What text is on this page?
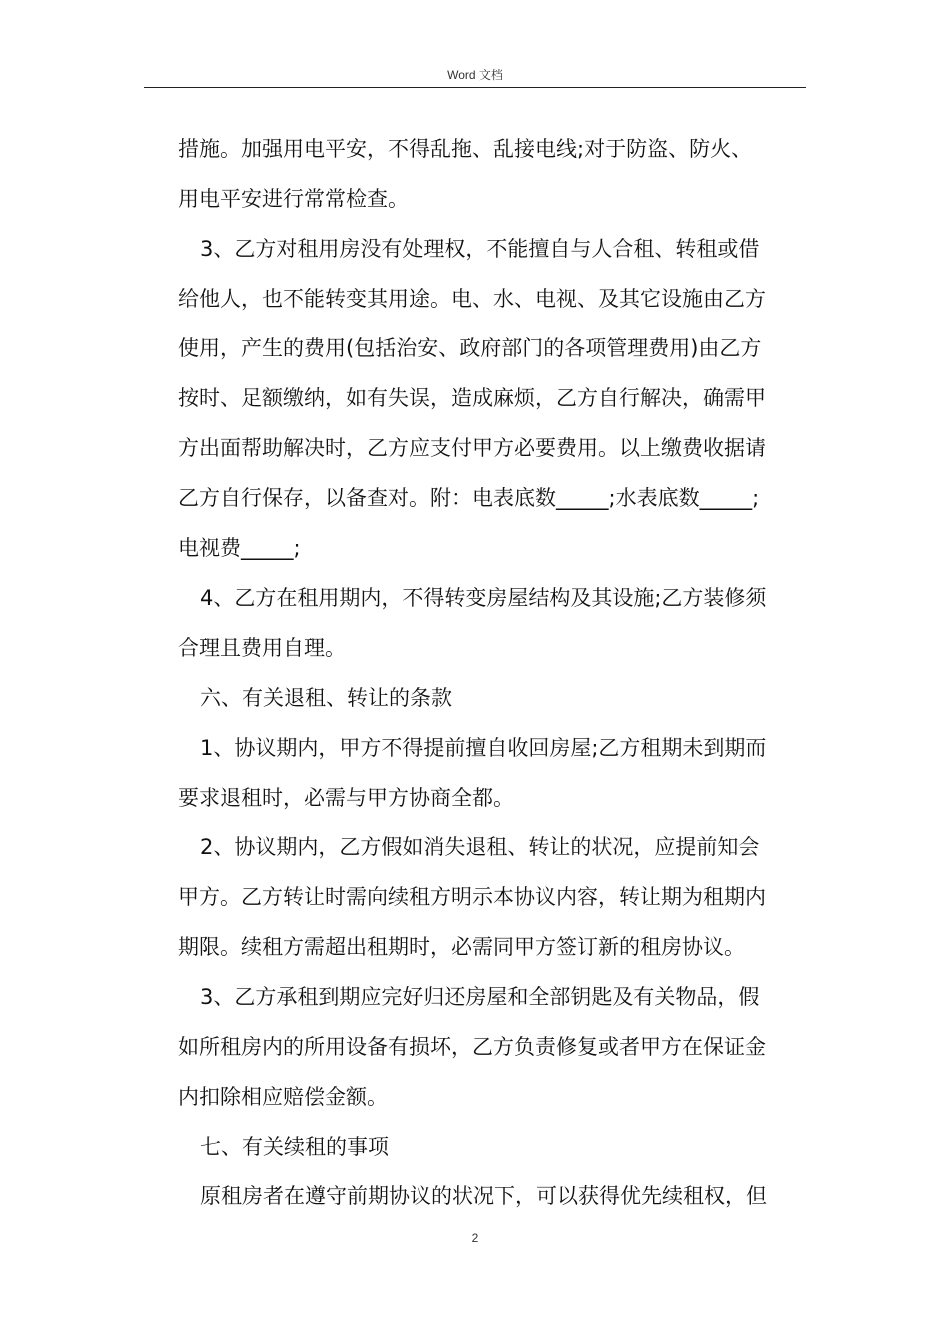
Word 文档
措施。加强用电平安，不得乱拖、乱接电线;对于防盗、防火、
用电平安进行常常检查。
3、乙方对租用房没有处理权，不能擅自与人合租、转租或借
给他人，也不能转变其用途。电、水、电视、及其它设施由乙方
使用，产生的费用(包括治安、政府部门的各项管理费用)由乙方
按时、足额缴纳，如有失误，造成麻烦，乙方自行解决，确需甲
方出面帮助解决时，乙方应支付甲方必要费用。以上缴费收据请
乙方自行保存，以备查对。附：电表底数_____;水表底数_____;
电视费_____;
4、乙方在租用期内，不得转变房屋结构及其设施;乙方装修须
合理且费用自理。
六、有关退租、转让的条款
1、协议期内，甲方不得提前擅自收回房屋;乙方租期未到期而
要求退租时，必需与甲方协商全都。
2、协议期内，乙方假如消失退租、转让的状况，应提前知会
甲方。乙方转让时需向续租方明示本协议内容，转让期为租期内
期限。续租方需超出租期时，必需同甲方签订新的租房协议。
3、乙方承租到期应完好归还房屋和全部钥匙及有关物品，假
如所租房内的所用设备有损坏，乙方负责修复或者甲方在保证金
内扣除相应赔偿金额。
七、有关续租的事项
原租房者在遵守前期协议的状况下，可以获得优先续租权，但
2
